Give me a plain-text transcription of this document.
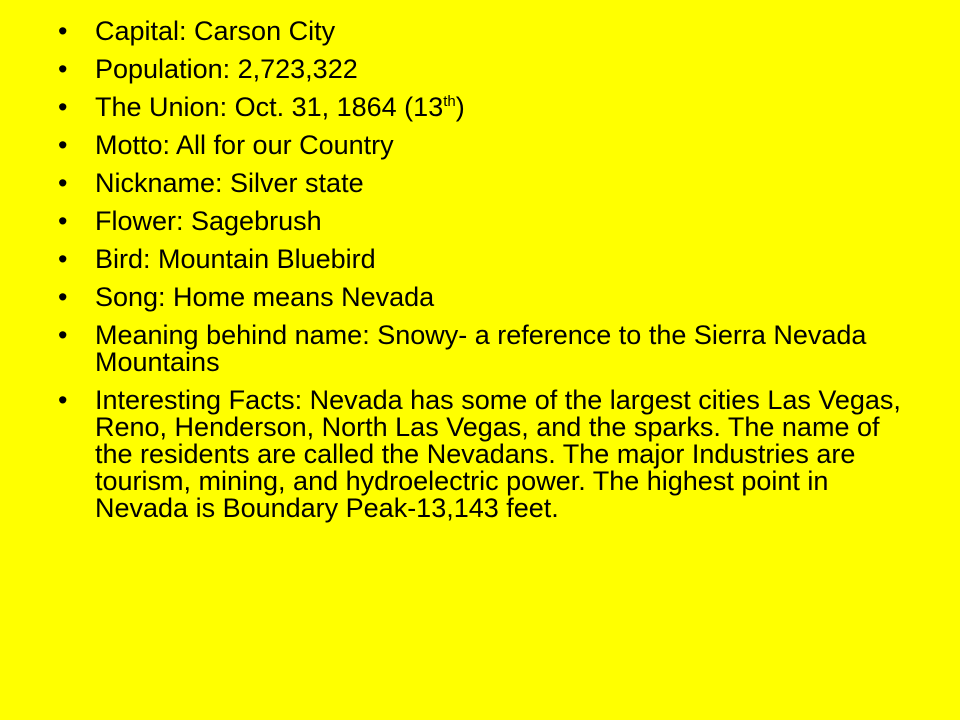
•	Capital: Carson City
•	Population: 2,723,322
•	The Union: Oct. 31, 1864 (13th)
•	Motto: All for our Country
•	Nickname: Silver state
•	Flower: Sagebrush
•	Bird: Mountain Bluebird
•	Song: Home means Nevada
•	Meaning behind name: Snowy- a reference to the Sierra Nevada Mountains
•	Interesting Facts: Nevada has some of the largest cities Las Vegas, Reno, Henderson, North Las Vegas, and the sparks. The name of the residents are called the Nevadans. The major Industries are tourism, mining, and hydroelectric power. The highest point in Nevada is Boundary Peak-13,143 feet.
